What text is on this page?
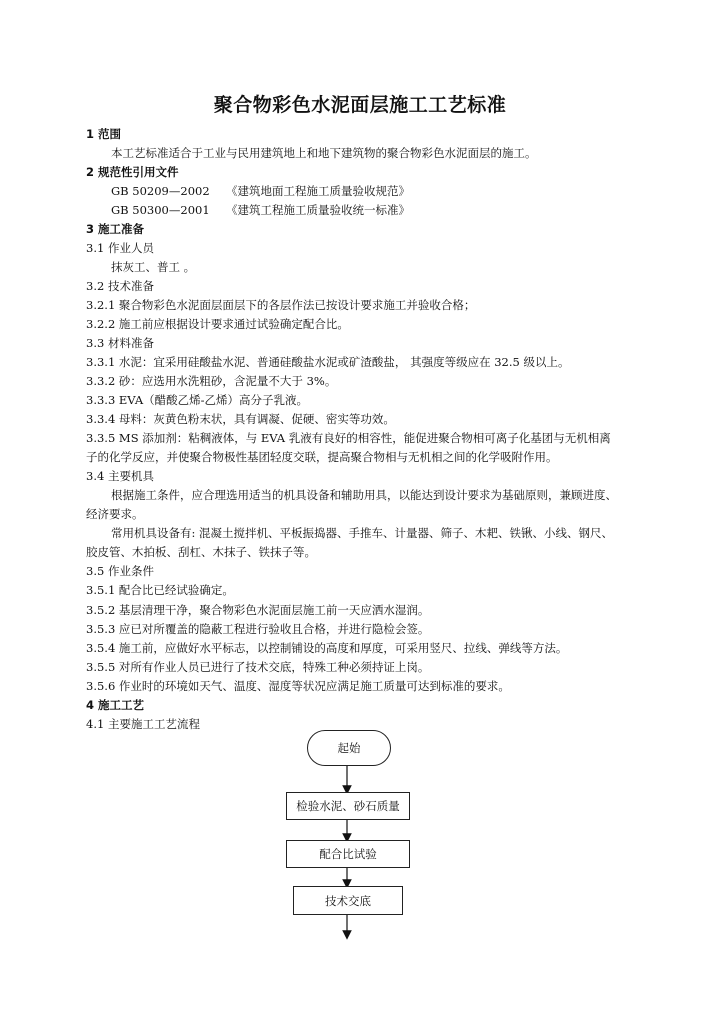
聚合物彩色水泥面层施工工艺标准
1 范围
本工艺标准适合于工业与民用建筑地上和地下建筑物的聚合物彩色水泥面层的施工。
2 规范性引用文件
GB 50209—2002 《建筑地面工程施工质量验收规范》
GB 50300—2001 《建筑工程施工质量验收统一标准》
3 施工准备
3.1 作业人员
抹灰工、普工 。
3.2 技术准备
3.2.1 聚合物彩色水泥面层面层下的各层作法已按设计要求施工并验收合格；
3.2.2 施工前应根据设计要求通过试验确定配合比。
3.3 材料准备
3.3.1 水泥：宜采用硅酸盐水泥、普通硅酸盐水泥或矿渣酸盐， 其强度等级应在 32.5 级以上。
3.3.2 砂：应选用水洗粗砂，含泥量不大于 3%。
3.3.3 EVA（醋酸乙烯-乙烯）高分子乳液。
3.3.4 母料：灰黄色粉末状，具有调凝、促硬、密实等功效。
3.3.5 MS 添加剂：粘稠液体，与 EVA 乳液有良好的相容性，能促进聚合物相可离子化基团与无机相离
子的化学反应，并使聚合物极性基团轻度交联，提高聚合物相与无机相之间的化学吸附作用。
3.4 主要机具
根据施工条件，应合理选用适当的机具设备和辅助用具，以能达到设计要求为基础原则，兼顾进度、
经济要求。
常用机具设备有: 混凝土搅拌机、平板振捣器、手推车、计量器、筛子、木耙、铁锹、小线、钢尺、
胶皮管、木拍板、刮杠、木抹子、铁抹子等。
3.5 作业条件
3.5.1 配合比已经试验确定。
3.5.2 基层清理干净，聚合物彩色水泥面层施工前一天应洒水湿润。
3.5.3 应已对所覆盖的隐蔽工程进行验收且合格，并进行隐检会签。
3.5.4 施工前，应做好水平标志，以控制铺设的高度和厚度，可采用竖尺、拉线、弹线等方法。
3.5.5 对所有作业人员已进行了技术交底，特殊工种必须持证上岗。
3.5.6 作业时的环境如天气、温度、湿度等状况应满足施工质量可达到标准的要求。
4 施工工艺
4.1 主要施工工艺流程
起始
检验水泥、砂石质量
配合比试验
技术交底
